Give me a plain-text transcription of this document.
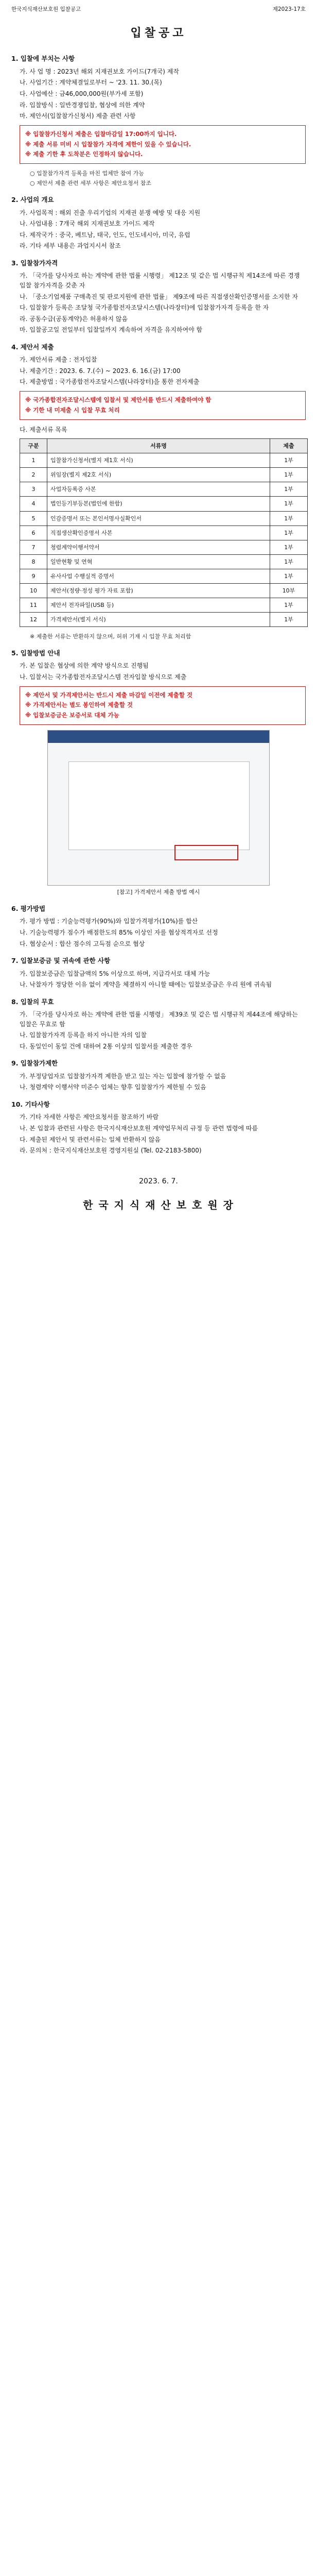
한국지식재산보호원 입찰공고	제2023-17호
입찰공고
1. 입찰에 부치는 사항
가. 사 업 명 : 2023년 해외 지재권보호 가이드(7개국) 제작
나. 사업기간 : 계약체결일로부터 ~ '23. 11. 30.(목)
다. 사업예산 : 금46,000,000원(부가세 포함)
라. 입찰방식 : 일반경쟁입찰, 협상에 의한 계약
마. 제안서(입찰참가신청서) 제출 관련 사항
※ 입찰참가신청서 제출은 입찰마감일 17:00까지 입니다.
※ 제출 서류 미비 시 입찰참가 자격에 제한이 있을 수 있습니다.
※ 제출 기한 후 도착분은 인정하지 않습니다.
○ 입찰참가자격 등록을 마친 업체만 참여 가능
○ 제안서 제출 관련 세부 사항은 제안요청서 참조
2. 사업의 개요
가. 사업목적 : 해외 진출 우리기업의 지재권 분쟁 예방 및 대응 지원
나. 사업내용 : 7개국 해외 지재권보호 가이드 제작
다. 제작국가 : 중국, 베트남, 태국, 인도, 인도네시아, 미국, 유럽
라. 기타 세부 내용은 과업지시서 참조
3. 입찰참가자격
가. 「국가를 당사자로 하는 계약에 관한 법률 시행령」 제12조 및 같은 법 시행규칙 제14조에 따른 경쟁입찰 참가자격을 갖춘 자
나. 「중소기업제품 구매촉진 및 판로지원에 관한 법률」 제9조에 따른 직접생산확인증명서를 소지한 자
다. 입찰참가 등록은 조달청 국가종합전자조달시스템(나라장터)에 입찰참가자격 등록을 한 자
라. 공동수급(공동계약)은 허용하지 않음
마. 입찰공고일 전일부터 입찰일까지 계속하여 자격을 유지하여야 함
4. 제안서 제출
가. 제안서류 제출 : 전자입찰
나. 제출기간 : 2023. 6. 7.(수) ~ 2023. 6. 16.(금) 17:00
다. 제출방법 : 국가종합전자조달시스템(나라장터)을 통한 전자제출
※ 국가종합전자조달시스템에 입찰서 및 제안서를 반드시 제출하여야 함
※ 기한 내 미제출 시 입찰 무효 처리
다. 제출서류 목록
구분	서류명	제출
1	입찰참가신청서(별지 제1호 서식)	1부
2	위임장(별지 제2호 서식)	1부
3	사업자등록증 사본	1부
4	법인등기부등본(법인에 한함)	1부
5	인감증명서 또는 본인서명사실확인서	1부
6	직접생산확인증명서 사본	1부
7	청렴계약이행서약서	1부
8	일반현황 및 연혁	1부
9	유사사업 수행실적 증명서	1부
10	제안서(정량·정성 평가 자료 포함)	10부
11	제안서 전자파일(USB 등)	1부
12	가격제안서(별지 서식)	1부
※ 제출한 서류는 반환하지 않으며, 허위 기재 시 입찰 무효 처리함
5. 입찰방법 안내
가. 본 입찰은 협상에 의한 계약 방식으로 진행됨
나. 입찰서는 국가종합전자조달시스템 전자입찰 방식으로 제출
※ 제안서 및 가격제안서는 반드시 제출 마감일 이전에 제출할 것
※ 가격제안서는 별도 봉인하여 제출할 것
※ 입찰보증금은 보증서로 대체 가능
[참고] 가격제안서 제출 방법 예시
6. 평가방법
가. 평가 방법 : 기술능력평가(90%)와 입찰가격평가(10%)를 합산
나. 기술능력평가 점수가 배점한도의 85% 이상인 자를 협상적격자로 선정
다. 협상순서 : 합산 점수의 고득점 순으로 협상
7. 입찰보증금 및 귀속에 관한 사항
가. 입찰보증금은 입찰금액의 5% 이상으로 하며, 지급각서로 대체 가능
나. 낙찰자가 정당한 이유 없이 계약을 체결하지 아니할 때에는 입찰보증금은 우리 원에 귀속됨
8. 입찰의 무효
가. 「국가를 당사자로 하는 계약에 관한 법률 시행령」 제39조 및 같은 법 시행규칙 제44조에 해당하는 입찰은 무효로 함
나. 입찰참가자격 등록을 하지 아니한 자의 입찰
다. 동일인이 동일 건에 대하여 2통 이상의 입찰서를 제출한 경우
9. 입찰참가제한
가. 부정당업자로 입찰참가자격 제한을 받고 있는 자는 입찰에 참가할 수 없음
나. 청렴계약 이행서약 미준수 업체는 향후 입찰참가가 제한될 수 있음
10. 기타사항
가. 기타 자세한 사항은 제안요청서를 참조하기 바람
나. 본 입찰과 관련된 사항은 한국지식재산보호원 계약업무처리 규정 등 관련 법령에 따름
다. 제출된 제안서 및 관련서류는 일체 반환하지 않음
라. 문의처 : 한국지식재산보호원 경영지원실 (Tel. 02-2183-5800)
2023. 6. 7.
한 국 지 식 재 산 보 호 원 장
